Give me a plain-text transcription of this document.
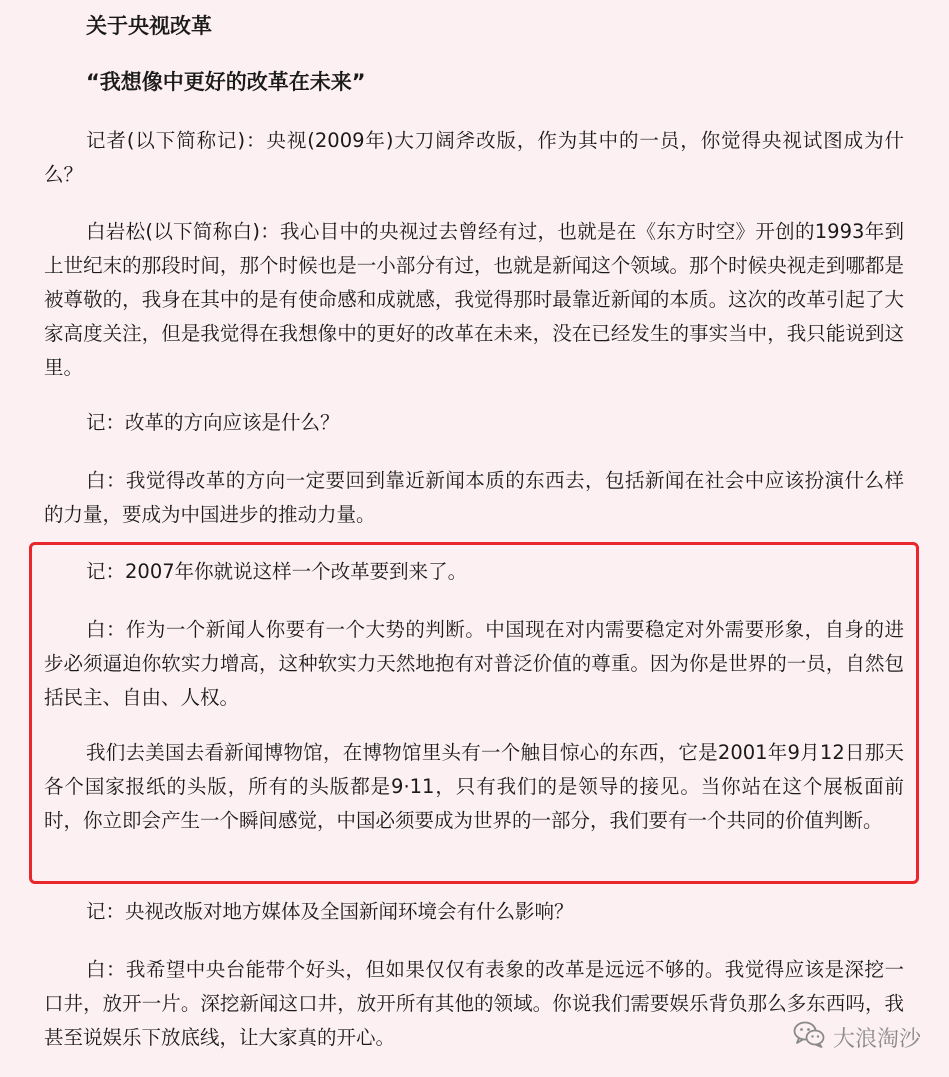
关于央视改革
“我想像中更好的改革在未来”

记者(以下简称记)：央视(2009年)大刀阔斧改版，作为其中的一员，你觉得央视试图成为什么？

白岩松(以下简称白)：我心目中的央视过去曾经有过，也就是在《东方时空》开创的1993年到上世纪末的那段时间，那个时候也是一小部分有过，也就是新闻这个领域。那个时候央视走到哪都是被尊敬的，我身在其中的是有使命感和成就感，我觉得那时最靠近新闻的本质。这次的改革引起了大家高度关注，但是我觉得在我想像中的更好的改革在未来，没在已经发生的事实当中，我只能说到这里。

记：改革的方向应该是什么？

白：我觉得改革的方向一定要回到靠近新闻本质的东西去，包括新闻在社会中应该扮演什么样的力量，要成为中国进步的推动力量。

记：2007年你就说这样一个改革要到来了。

白：作为一个新闻人你要有一个大势的判断。中国现在对内需要稳定对外需要形象，自身的进步必须逼迫你软实力增高，这种软实力天然地抱有对普泛价值的尊重。因为你是世界的一员，自然包括民主、自由、人权。

我们去美国去看新闻博物馆，在博物馆里头有一个触目惊心的东西，它是2001年9月12日那天各个国家报纸的头版，所有的头版都是9·11，只有我们的是领导的接见。当你站在这个展板面前时，你立即会产生一个瞬间感觉，中国必须要成为世界的一部分，我们要有一个共同的价值判断。

记：央视改版对地方媒体及全国新闻环境会有什么影响？

白：我希望中央台能带个好头，但如果仅仅有表象的改革是远远不够的。我觉得应该是深挖一口井，放开一片。深挖新闻这口井，放开所有其他的领域。你说我们需要娱乐背负那么多东西吗，我甚至说娱乐下放底线，让大家真的开心。	大浪淘沙
